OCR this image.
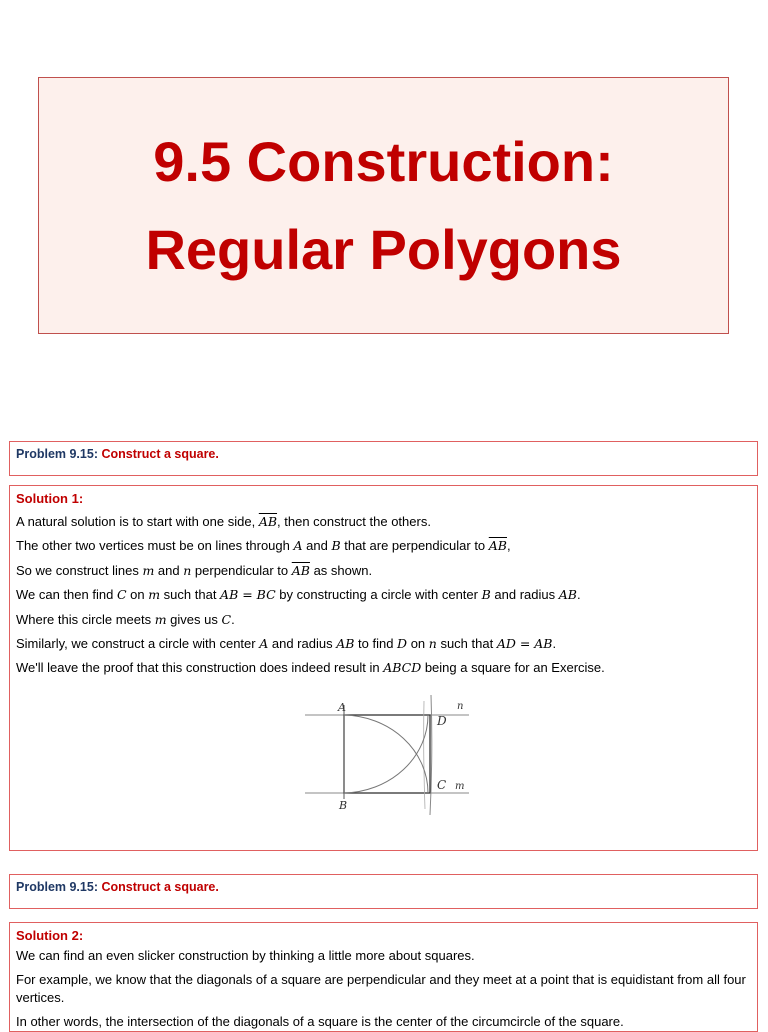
9.5 Construction:
Regular Polygons
Problem 9.15: Construct a square.
Solution 1:
A natural solution is to start with one side, $\overline{AB}$, then construct the others.
The other two vertices must be on lines through A and B that are perpendicular to $\overline{AB}$,
So we construct lines m and n perpendicular to $\overline{AB}$ as shown.
We can then find C on m such that AB = BC by constructing a circle with center B and radius AB.
Where this circle meets m gives us C.
Similarly, we construct a circle with center A and radius AB to find D on n such that AD = AB.
We'll leave the proof that this construction does indeed result in ABCD being a square for an Exercise.
A
B
D
C m
n
Problem 9.15: Construct a square.
Solution 2:
We can find an even slicker construction by thinking a little more about squares.
For example, we know that the diagonals of a square are perpendicular and they meet at a point that is equidistant from all four vertices.
In other words, the intersection of the diagonals of a square is the center of the circumcircle of the square.
